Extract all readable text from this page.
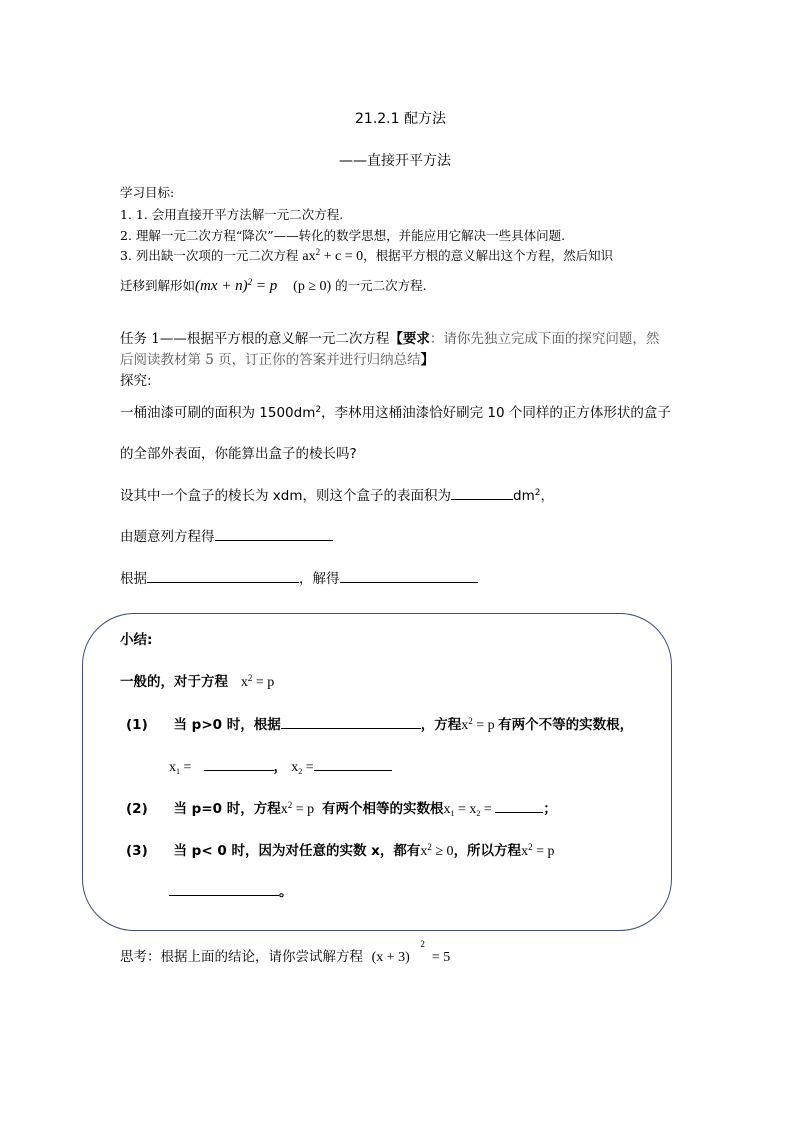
21.2.1 配方法
——直接开平方法
学习目标:
1. 1. 会用直接开平方法解一元二次方程.
2. 理解一元二次方程“降次”——转化的数学思想，并能应用它解决一些具体问题.
3. 列出缺一次项的一元二次方程 $ax^2 + c = 0$，根据平方根的意义解出这个方程，然后知识
迁移到解形如(mx + n)$^2$ = p (p ≥ 0) 的一元二次方程.
任务 1——根据平方根的意义解一元二次方程【要求：请你先独立完成下面的探究问题，然
后阅读教材第 5 页，订正你的答案并进行归纳总结】
探究:
一桶油漆可刷的面积为 $1500dm^2$，李林用这桶油漆恰好刷完 10 个同样的正方体形状的盒子
的全部外表面，你能算出盒子的棱长吗?
设其中一个盒子的棱长为 xdm，则这个盒子的表面积为	$dm^2$，
由题意列方程得
根据	，解得
小结:
一般的，对于方程 $x^2 = p$
(1) 当 p>0 时，根据	，方程$x^2 = p$ 有两个不等的实数根，
$x_1$ =	， $x_2$ =
(2) 当 p=0 时，方程$x^2 = p$  有两个相等的实数根$x_1 = x_2$ =	；
(3) 当 p< 0 时，因为对任意的实数 x，都有$x^2 \ge 0$，所以方程$x^2 = p$
。
思考：根据上面的结论，请你尝试解方程 (x + 3)   $^2$  = 5
